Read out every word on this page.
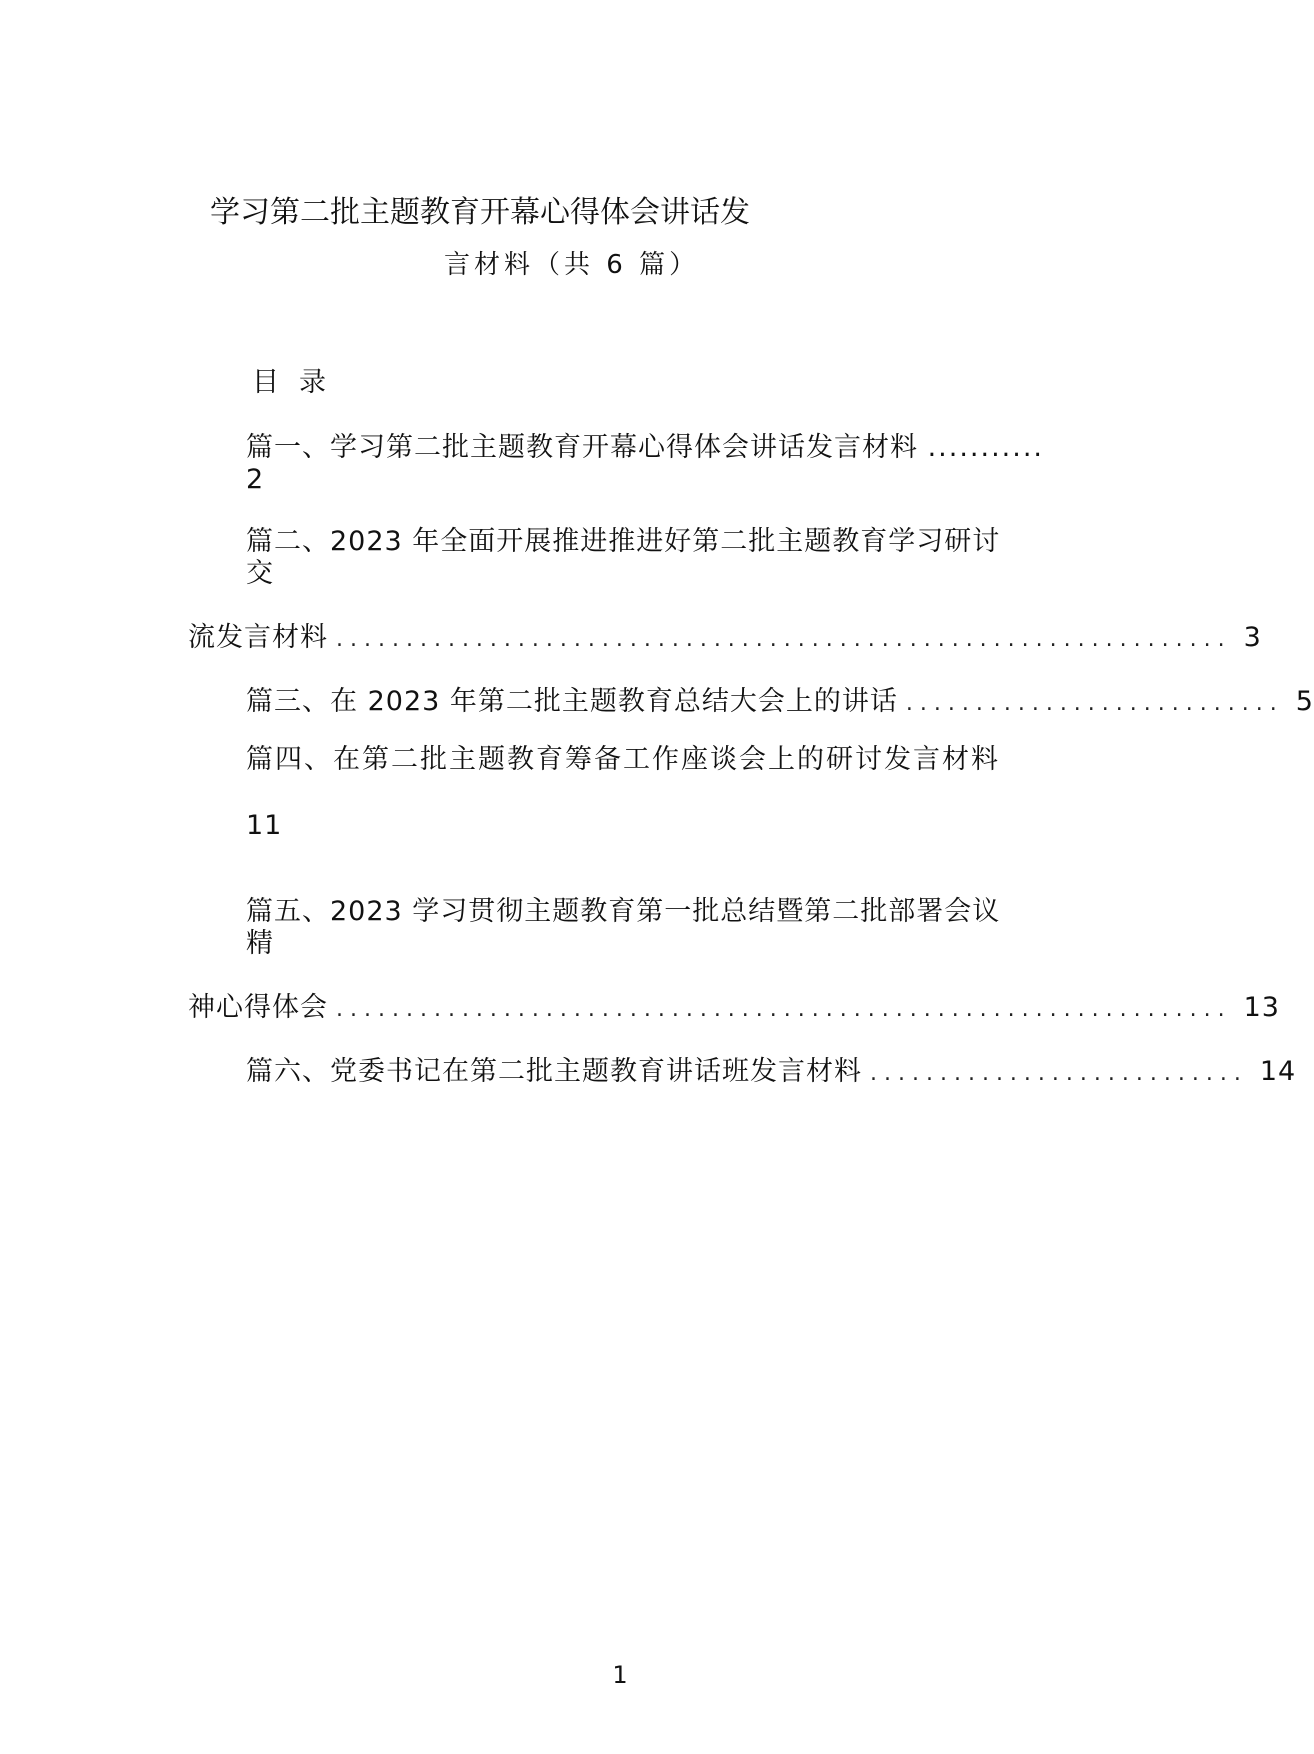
学习第二批主题教育开幕心得体会讲话发
言材料（共 6 篇）
目录
篇一、学习第二批主题教育开幕心得体会讲话发言材料 ...........
2
篇二、2023 年全面开展推进推进好第二批主题教育学习研讨
交
流发言材料 ................................................................ 3
篇三、在 2023 年第二批主题教育总结大会上的讲话 ........................... 5
篇四、在第二批主题教育筹备工作座谈会上的研讨发言材料
11
篇五、2023 学习贯彻主题教育第一批总结暨第二批部署会议
精
神心得体会 ................................................................ 13
篇六、党委书记在第二批主题教育讲话班发言材料 ........................... 14
1
